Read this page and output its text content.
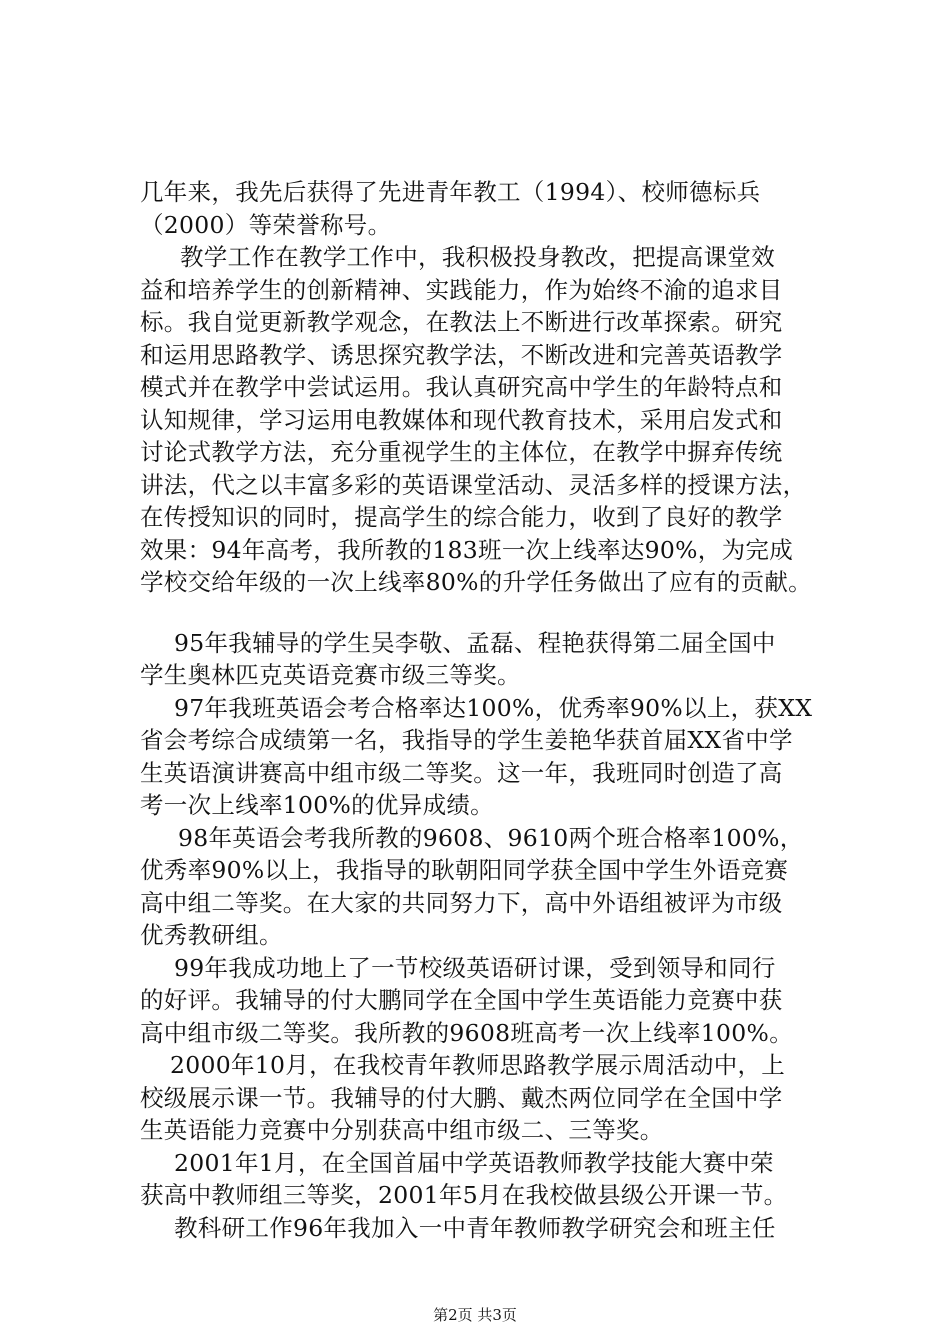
几年来，我先后获得了先进青年教工（1994）、校师德标兵
（2000）等荣誉称号。
教学工作在教学工作中，我积极投身教改，把提高课堂效
益和培养学生的创新精神、实践能力，作为始终不渝的追求目
标。我自觉更新教学观念，在教法上不断进行改革探索。研究
和运用思路教学、诱思探究教学法，不断改进和完善英语教学
模式并在教学中尝试运用。我认真研究高中学生的年龄特点和
认知规律，学习运用电教媒体和现代教育技术，采用启发式和
讨论式教学方法，充分重视学生的主体位，在教学中摒弃传统
讲法，代之以丰富多彩的英语课堂活动、灵活多样的授课方法，
在传授知识的同时，提高学生的综合能力，收到了良好的教学
效果：94年高考，我所教的183班一次上线率达90%，为完成
学校交给年级的一次上线率80%的升学任务做出了应有的贡献。
95年我辅导的学生吴李敬、孟磊、程艳获得第二届全国中
学生奥林匹克英语竞赛市级三等奖。
97年我班英语会考合格率达100%，优秀率90%以上，获XX
省会考综合成绩第一名，我指导的学生姜艳华获首届XX省中学
生英语演讲赛高中组市级二等奖。这一年，我班同时创造了高
考一次上线率100%的优异成绩。
98年英语会考我所教的9608、9610两个班合格率100%，
优秀率90%以上，我指导的耿朝阳同学获全国中学生外语竞赛
高中组二等奖。在大家的共同努力下，高中外语组被评为市级
优秀教研组。
99年我成功地上了一节校级英语研讨课，受到领导和同行
的好评。我辅导的付大鹏同学在全国中学生英语能力竞赛中获
高中组市级二等奖。我所教的9608班高考一次上线率100%。
2000年10月，在我校青年教师思路教学展示周活动中，上
校级展示课一节。我辅导的付大鹏、戴杰两位同学在全国中学
生英语能力竞赛中分别获高中组市级二、三等奖。
2001年1月，在全国首届中学英语教师教学技能大赛中荣
获高中教师组三等奖，2001年5月在我校做县级公开课一节。
教科研工作96年我加入一中青年教师教学研究会和班主任
第2页 共3页
